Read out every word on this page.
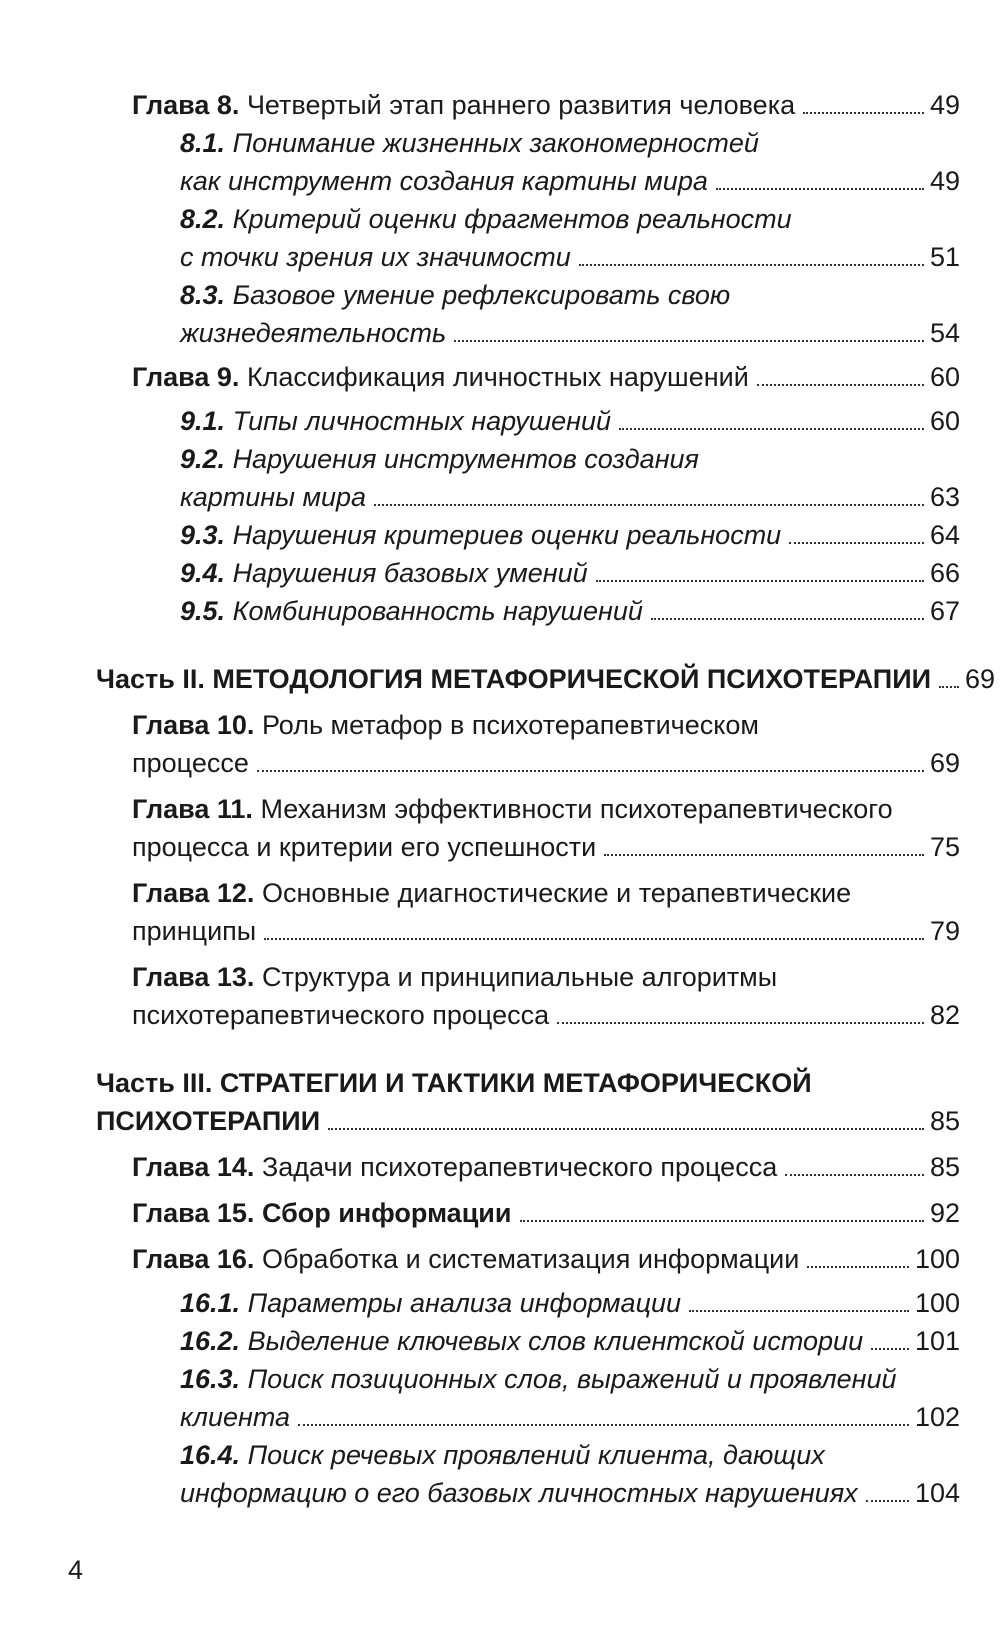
Глава 8. Четвертый этап раннего развития человека	49
8.1. Понимание жизненных закономерностей
как инструмент создания картины мира	49
8.2. Критерий оценки фрагментов реальности
с точки зрения их значимости	51
8.3. Базовое умение рефлексировать свою
жизнедеятельность	54
Глава 9. Классификация личностных нарушений	60
9.1. Типы личностных нарушений	60
9.2. Нарушения инструментов создания
картины мира	63
9.3. Нарушения критериев оценки реальности	64
9.4. Нарушения базовых умений	66
9.5. Комбинированность нарушений	67
Часть II. МЕТОДОЛОГИЯ МЕТАФОРИЧЕСКОЙ ПСИХОТЕРАПИИ 69
Глава 10. Роль метафор в психотерапевтическом
процессе	69
Глава 11. Механизм эффективности психотерапевтического
процесса и критерии его успешности	75
Глава 12. Основные диагностические и терапевтические
принципы	79
Глава 13. Структура и принципиальные алгоритмы
психотерапевтического процесса	82
Часть III. СТРАТЕГИИ И ТАКТИКИ МЕТАФОРИЧЕСКОЙ
ПСИХОТЕРАПИИ	85
Глава 14. Задачи психотерапевтического процесса	85
Глава 15. Сбор информации	92
Глава 16. Обработка и систематизация информации	100
16.1. Параметры анализа информации	100
16.2. Выделение ключевых слов клиентской истории 101
16.3. Поиск позиционных слов, выражений и проявлений
клиента	102
16.4. Поиск речевых проявлений клиента, дающих
информацию о его базовых личностных нарушениях 104
4
